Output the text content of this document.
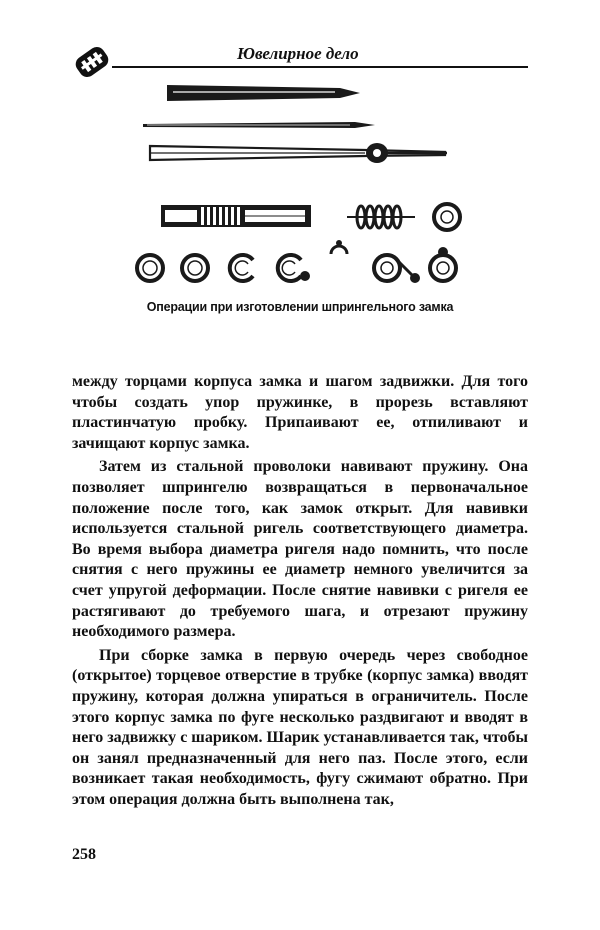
Ювелирное дело
Операции при изготовлении шпрингельного замка

между торцами корпуса замка и шагом задвижки. Для того чтобы создать упор пружинке, в прорезь вставляют пластинчатую пробку. Припаивают ее, отпиливают и зачищают корпус замка.

Затем из стальной проволоки навивают пружину. Она позволяет шпрингелю возвращаться в первоначальное положение после того, как замок открыт. Для навивки используется стальной ригель соответствующего диаметра. Во время выбора диаметра ригеля надо помнить, что после снятия с него пружины ее диаметр немного увеличится за счет упругой деформации. После снятие навивки с ригеля ее растягивают до требуемого шага, и отрезают пружину необходимого размера.

При сборке замка в первую очередь через свободное (открытое) торцевое отверстие в трубке (корпус замка) вводят пружину, которая должна упираться в ограничитель. После этого корпус замка по фуге несколько раздвигают и вводят в него задвижку с шариком. Шарик устанавливается так, чтобы он занял предназначенный для него паз. После этого, если возникает такая необходимость, фугу сжимают обратно. При этом операция должна быть выполнена так,

258
